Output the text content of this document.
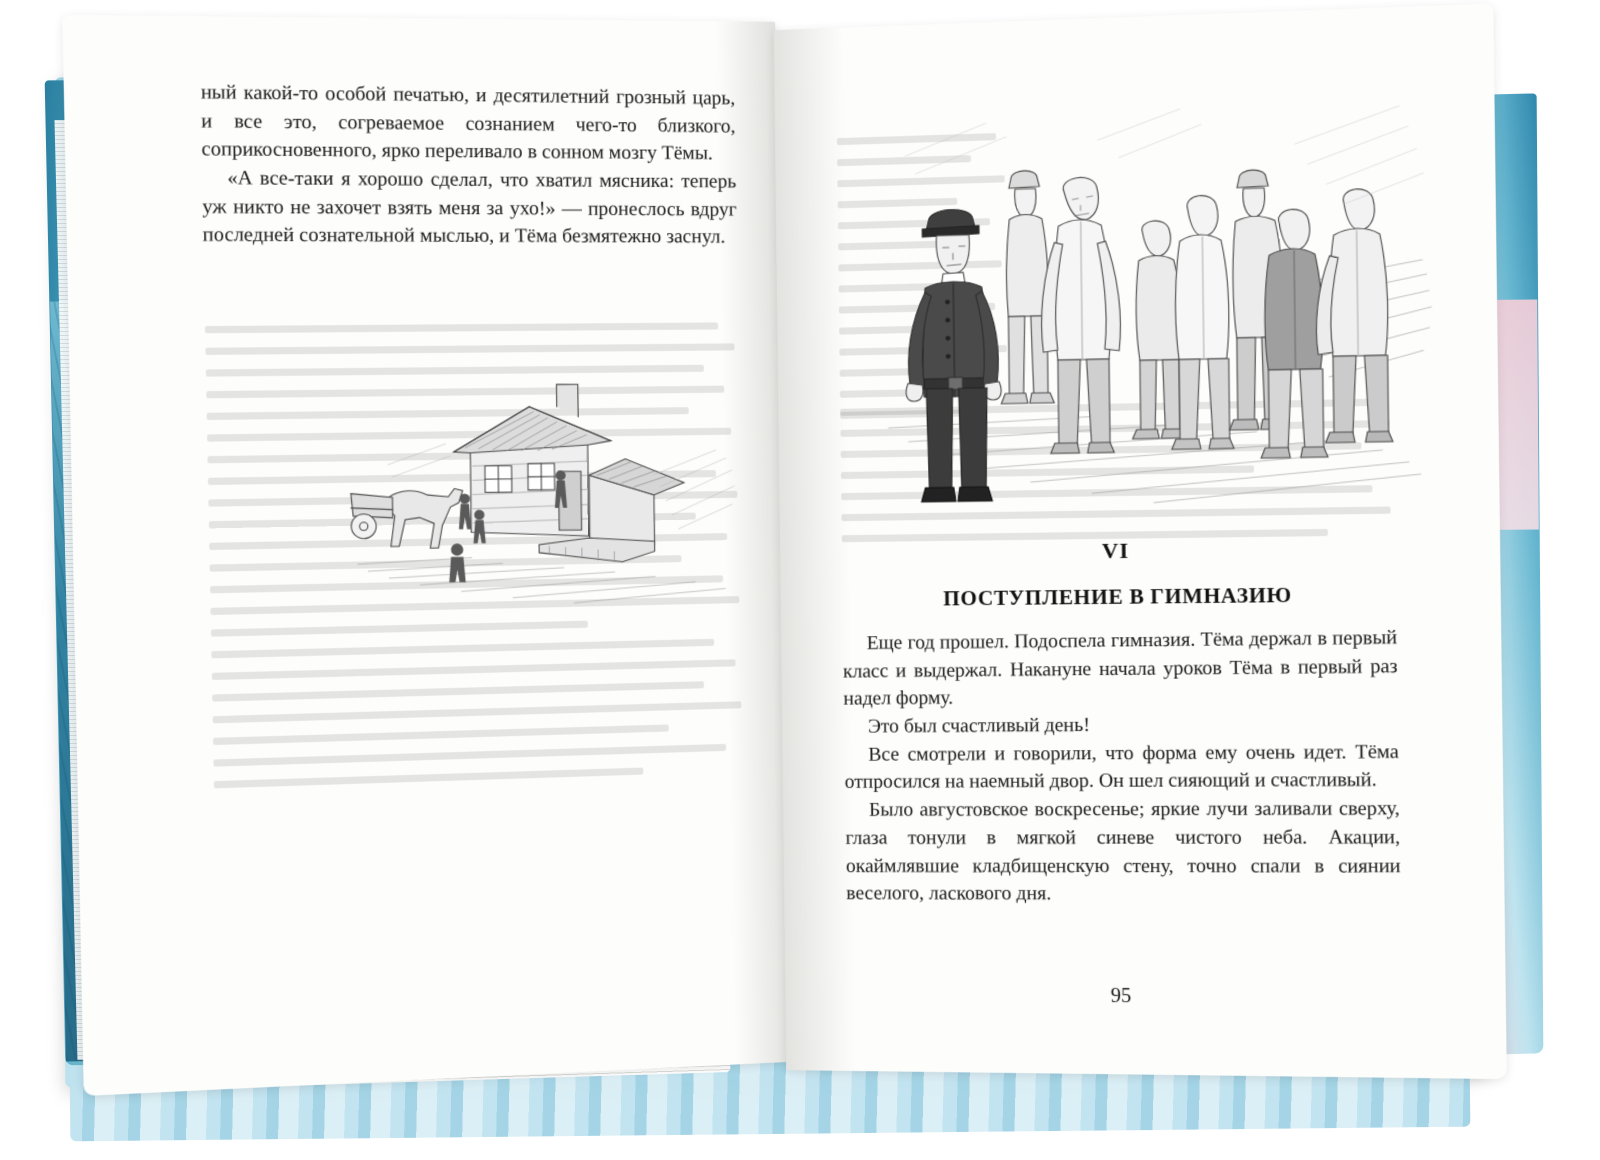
ный какой-то особой печатью, и десятилетний грозный царь, и все это, согреваемое сознанием чего-то близкого, соприкосновенного, ярко переливало в сонном мозгу Тёмы.

«А все-таки я хорошо сделал, что хватил мясника: теперь уж никто не захочет взять меня за ухо!» — пронеслось вдруг последней сознательной мыслью, и Тёма безмятежно заснул.

VI
ПОСТУПЛЕНИЕ В ГИМНАЗИЮ

Еще год прошел. Подоспела гимназия. Тёма держал в первый класс и выдержал. Накануне начала уроков Тёма в первый раз надел форму.

Это был счастливый день!

Все смотрели и говорили, что форма ему очень идет. Тёма отпросился на наемный двор. Он шел сияющий и счастливый.

Было августовское воскресенье; яркие лучи заливали сверху, глаза тонули в мягкой синеве чистого неба. Акации, окаймлявшие кладбищенскую стену, точно спали в сиянии веселого, ласкового дня.

95
